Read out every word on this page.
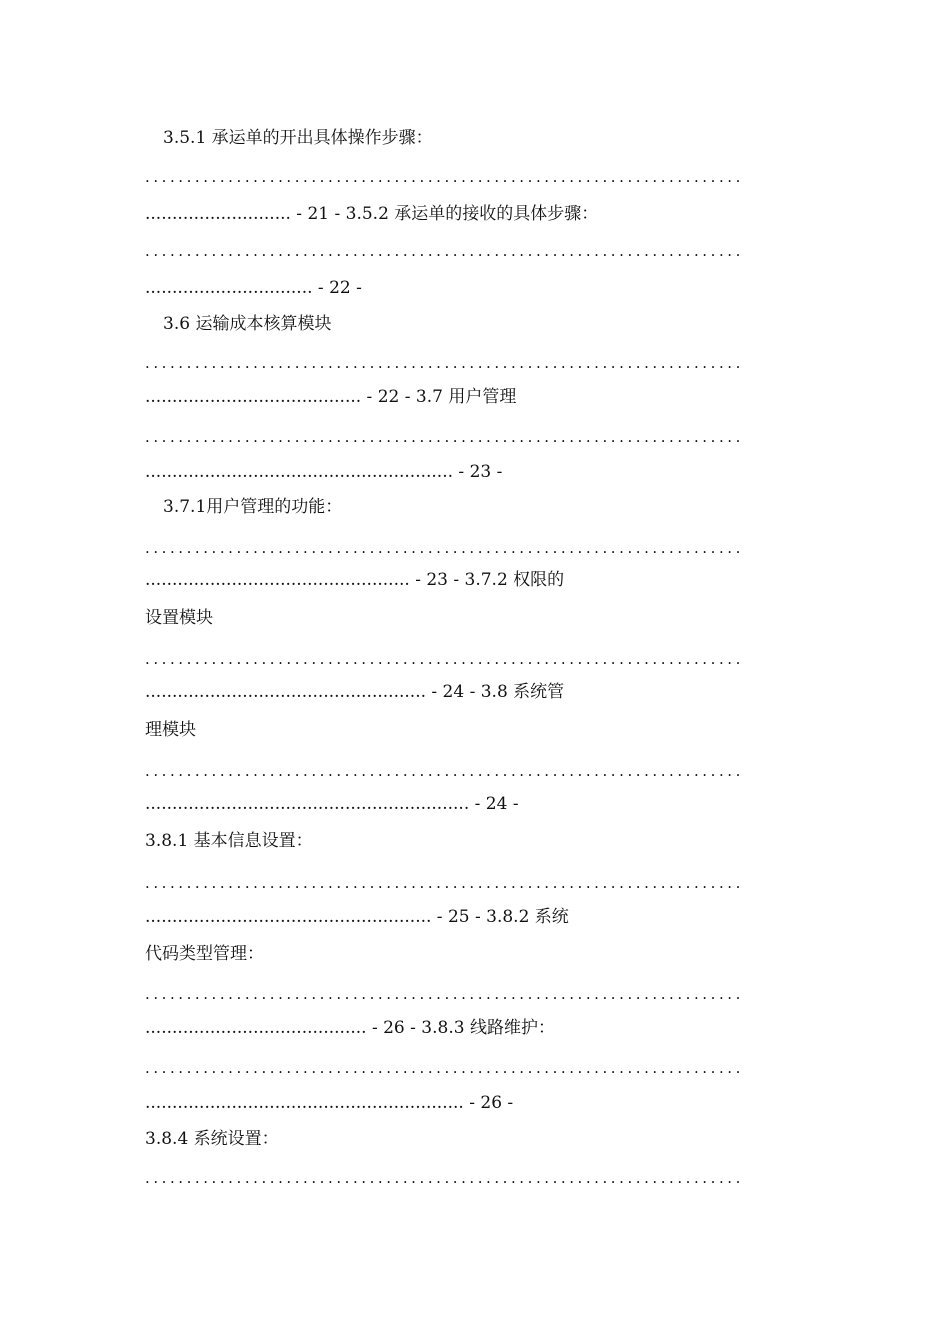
3.5.1 承运单的开出具体操作步骤：
........................................................................
........................... - 21 - 3.5.2 承运单的接收的具体步骤：
........................................................................
............................... - 22 -
3.6 运输成本核算模块
........................................................................
........................................ - 22 - 3.7 用户管理
........................................................................
......................................................... - 23 -
3.7.1用户管理的功能：
........................................................................
................................................. - 23 - 3.7.2 权限的
设置模块
........................................................................
.................................................... - 24 - 3.8 系统管
理模块
........................................................................
............................................................ - 24 -
3.8.1 基本信息设置：
........................................................................
..................................................... - 25 - 3.8.2 系统
代码类型管理：
........................................................................
......................................... - 26 - 3.8.3 线路维护：
........................................................................
........................................................... - 26 -
3.8.4 系统设置：
........................................................................
